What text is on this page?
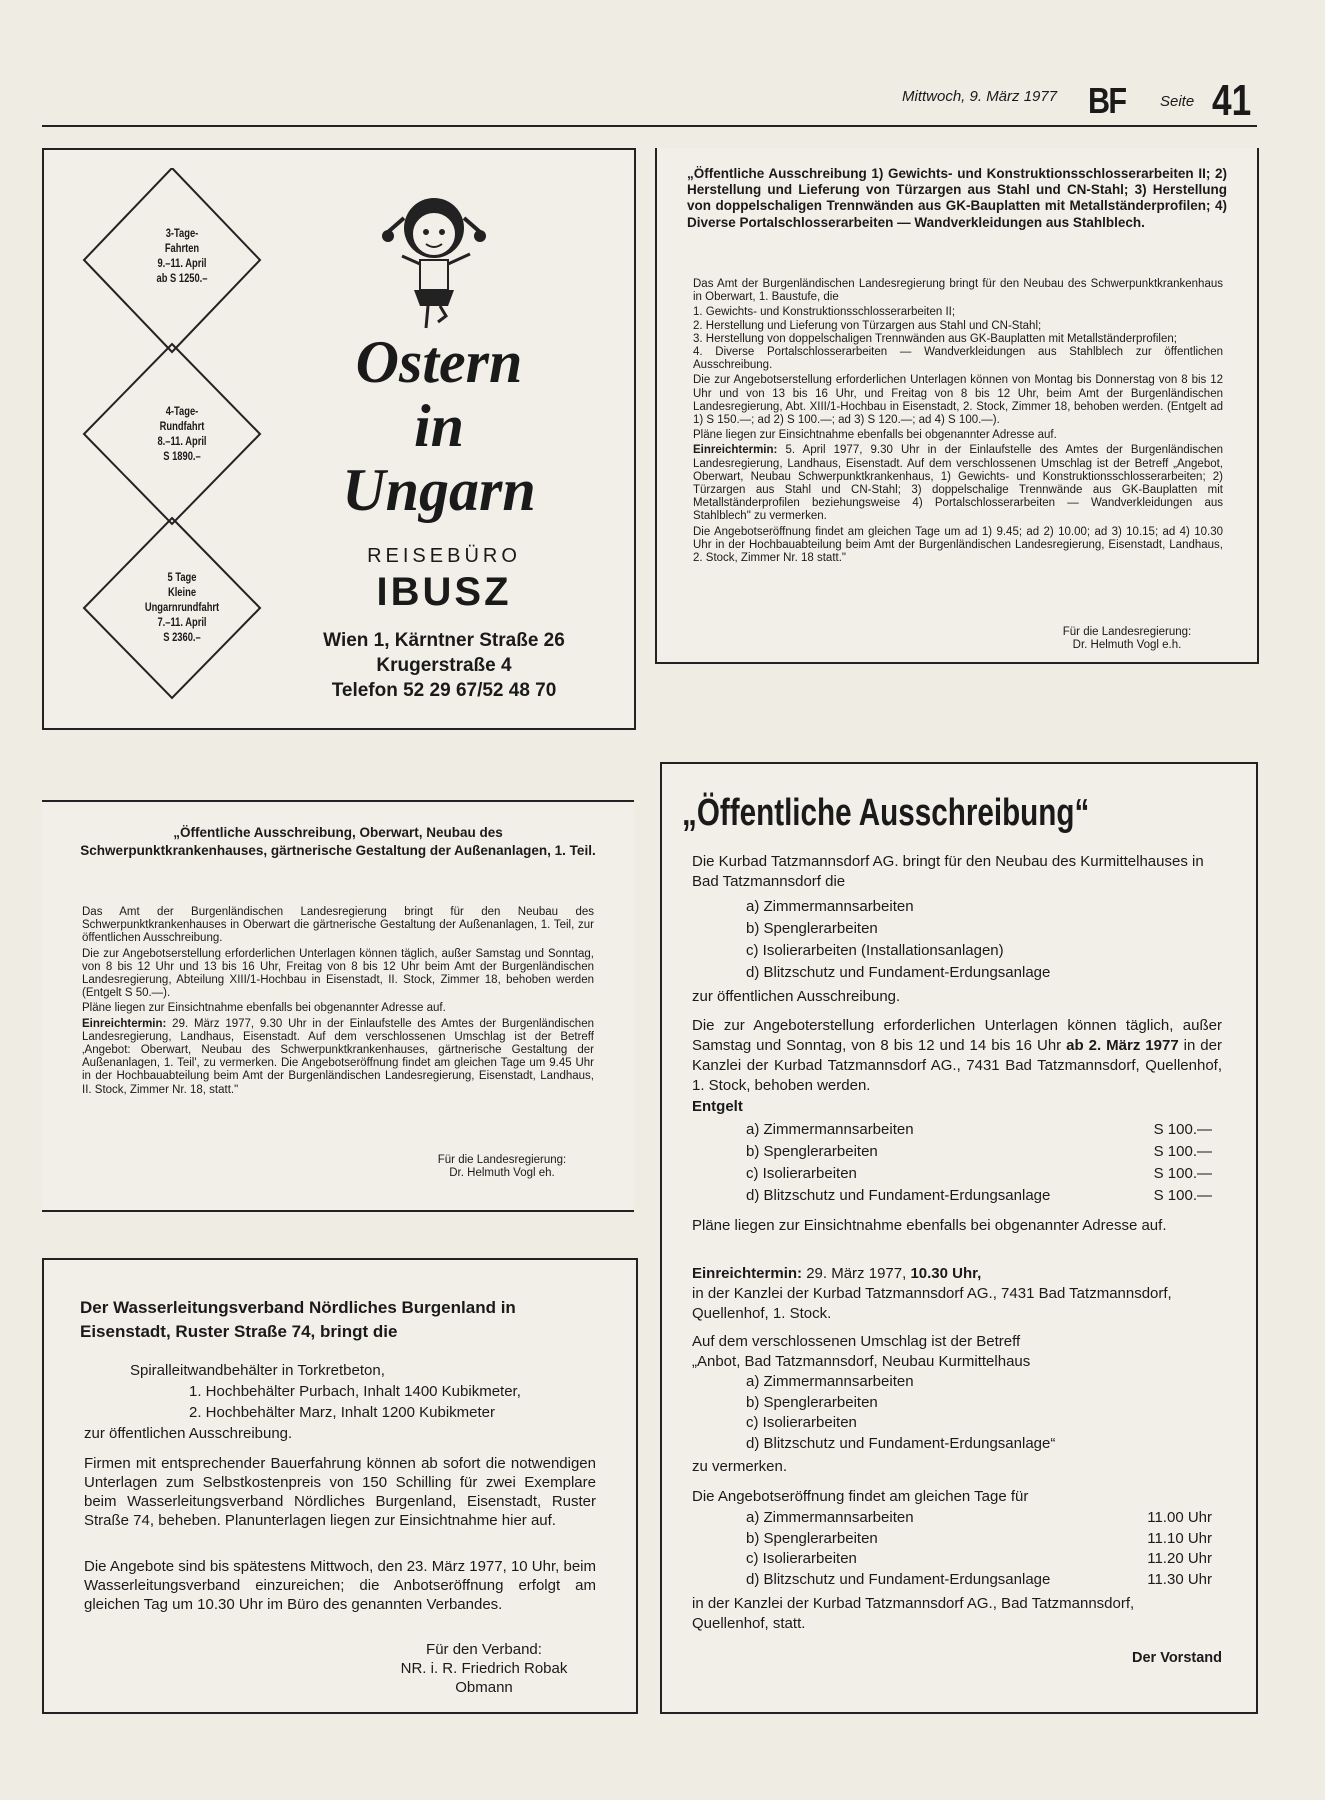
Mittwoch, 9. März 1977 BF Seite 41
3-Tage-
Fahrten
9.–11. April
ab S 1250.–
4-Tage-
Rundfahrt
8.–11. April
S 1890.–
5 Tage
Kleine
Ungarnrundfahrt
7.–11. April
S 2360.–
Ostern
in
Ungarn
REISEBÜRO
IBUSZ
Wien 1, Kärntner Straße 26
Krugerstraße 4
Telefon 52 29 67/52 48 70
„Öffentliche Ausschreibung 1) Gewichts- und Konstruktionsschlosserarbeiten II; 2) Herstellung und Lieferung von Türzargen aus Stahl und CN-Stahl; 3) Herstellung von doppelschaligen Trennwänden aus GK-Bauplatten mit Metallständerprofilen; 4) Diverse Portalschlosserarbeiten — Wandverkleidungen aus Stahlblech.

Das Amt der Burgenländischen Landesregierung bringt für den Neubau des Schwerpunktkrankenhaus in Oberwart, 1. Baustufe, die

1. Gewichts- und Konstruktionsschlosserarbeiten II;

2. Herstellung und Lieferung von Türzargen aus Stahl und CN-Stahl;

3. Herstellung von doppelschaligen Trennwänden aus GK-Bauplatten mit Metallständerprofilen;

4. Diverse Portalschlosserarbeiten — Wandverkleidungen aus Stahlblech zur öffentlichen Ausschreibung.

Die zur Angebotserstellung erforderlichen Unterlagen können von Montag bis Donnerstag von 8 bis 12 Uhr und von 13 bis 16 Uhr, und Freitag von 8 bis 12 Uhr, beim Amt der Burgenländischen Landesregierung, Abt. XIII/1-Hochbau in Eisenstadt, 2. Stock, Zimmer 18, behoben werden. (Entgelt ad 1) S 150.—; ad 2) S 100.—; ad 3) S 120.—; ad 4) S 100.—).

Pläne liegen zur Einsichtnahme ebenfalls bei obgenannter Adresse auf.

Einreichtermin: 5. April 1977, 9.30 Uhr in der Einlaufstelle des Amtes der Burgenländischen Landesregierung, Landhaus, Eisenstadt. Auf dem verschlossenen Umschlag ist der Betreff „Angebot, Oberwart, Neubau Schwerpunktkrankenhaus, 1) Gewichts- und Konstruktionsschlosserarbeiten; 2) Türzargen aus Stahl und CN-Stahl; 3) doppelschalige Trennwände aus GK-Bauplatten mit Metallständerprofilen beziehungsweise 4) Portalschlosserarbeiten — Wandverkleidungen aus Stahlblech" zu vermerken.

Die Angebotseröffnung findet am gleichen Tage um ad 1) 9.45; ad 2) 10.00; ad 3) 10.15; ad 4) 10.30 Uhr in der Hochbauabteilung beim Amt der Burgenländischen Landesregierung, Eisenstadt, Landhaus, 2. Stock, Zimmer Nr. 18 statt."

Für die Landesregierung:
Dr. Helmuth Vogl e.h.
„Öffentliche Ausschreibung, Oberwart, Neubau des Schwerpunktkrankenhauses, gärtnerische Gestaltung der Außenanlagen, 1. Teil.

Das Amt der Burgenländischen Landesregierung bringt für den Neubau des Schwerpunktkrankenhauses in Oberwart die gärtnerische Gestaltung der Außenanlagen, 1. Teil, zur öffentlichen Ausschreibung.

Die zur Angebotserstellung erforderlichen Unterlagen können täglich, außer Samstag und Sonntag, von 8 bis 12 Uhr und 13 bis 16 Uhr, Freitag von 8 bis 12 Uhr beim Amt der Burgenländischen Landesregierung, Abteilung XIII/1-Hochbau in Eisenstadt, II. Stock, Zimmer 18, behoben werden (Entgelt S 50.—).

Pläne liegen zur Einsichtnahme ebenfalls bei obgenannter Adresse auf.

Einreichtermin: 29. März 1977, 9.30 Uhr in der Einlaufstelle des Amtes der Burgenländischen Landesregierung, Landhaus, Eisenstadt. Auf dem verschlossenen Umschlag ist der Betreff ‚Angebot: Oberwart, Neubau des Schwerpunktkrankenhauses, gärtnerische Gestaltung der Außenanlagen, 1. Teil', zu vermerken. Die Angebotseröffnung findet am gleichen Tage um 9.45 Uhr in der Hochbauabteilung beim Amt der Burgenländischen Landesregierung, Eisenstadt, Landhaus, II. Stock, Zimmer Nr. 18, statt."

Für die Landesregierung:
Dr. Helmuth Vogl eh.
Der Wasserleitungsverband Nördliches Burgenland in Eisenstadt, Ruster Straße 74, bringt die
Spiralleitwandbehälter in Torkretbeton,
1. Hochbehälter Purbach, Inhalt 1400 Kubikmeter,
2. Hochbehälter Marz, Inhalt 1200 Kubikmeter
zur öffentlichen Ausschreibung.
Firmen mit entsprechender Bauerfahrung können ab sofort die notwendigen Unterlagen zum Selbstkostenpreis von 150 Schilling für zwei Exemplare beim Wasserleitungsverband Nördliches Burgenland, Eisenstadt, Ruster Straße 74, beheben. Planunterlagen liegen zur Einsichtnahme hier auf.
Die Angebote sind bis spätestens Mittwoch, den 23. März 1977, 10 Uhr, beim Wasserleitungsverband einzureichen; die Anbotseröffnung erfolgt am gleichen Tag um 10.30 Uhr im Büro des genannten Verbandes.
Für den Verband:
NR. i. R. Friedrich Robak
Obmann
„Öffentliche Ausschreibung“
Die Kurbad Tatzmannsdorf AG. bringt für den Neubau des Kurmittelhauses in Bad Tatzmannsdorf die
a) Zimmermannsarbeiten
b) Spenglerarbeiten
c) Isolierarbeiten (Installationsanlagen)
d) Blitzschutz und Fundament-Erdungsanlage
zur öffentlichen Ausschreibung.
Die zur Angeboterstellung erforderlichen Unterlagen können täglich, außer Samstag und Sonntag, von 8 bis 12 und 14 bis 16 Uhr ab 2. März 1977 in der Kanzlei der Kurbad Tatzmannsdorf AG., 7431 Bad Tatzmannsdorf, Quellenhof, 1. Stock, behoben werden.
Entgelt
a) Zimmermannsarbeiten	S 100.—
b) Spenglerarbeiten	S 100.—
c) Isolierarbeiten	S 100.—
d) Blitzschutz und Fundament-Erdungsanlage	S 100.—
Pläne liegen zur Einsichtnahme ebenfalls bei obgenannter Adresse auf.
Einreichtermin: 29. März 1977, 10.30 Uhr,
in der Kanzlei der Kurbad Tatzmannsdorf AG., 7431 Bad Tatzmannsdorf, Quellenhof, 1. Stock.
Auf dem verschlossenen Umschlag ist der Betreff
„Anbot, Bad Tatzmannsdorf, Neubau Kurmittelhaus
a) Zimmermannsarbeiten
b) Spenglerarbeiten
c) Isolierarbeiten
d) Blitzschutz und Fundament-Erdungsanlage“
zu vermerken.
Die Angebotseröffnung findet am gleichen Tage für
a) Zimmermannsarbeiten	11.00 Uhr
b) Spenglerarbeiten	11.10 Uhr
c) Isolierarbeiten	11.20 Uhr
d) Blitzschutz und Fundament-Erdungsanlage	11.30 Uhr
in der Kanzlei der Kurbad Tatzmannsdorf AG., Bad Tatzmannsdorf, Quellenhof, statt.
Der Vorstand
